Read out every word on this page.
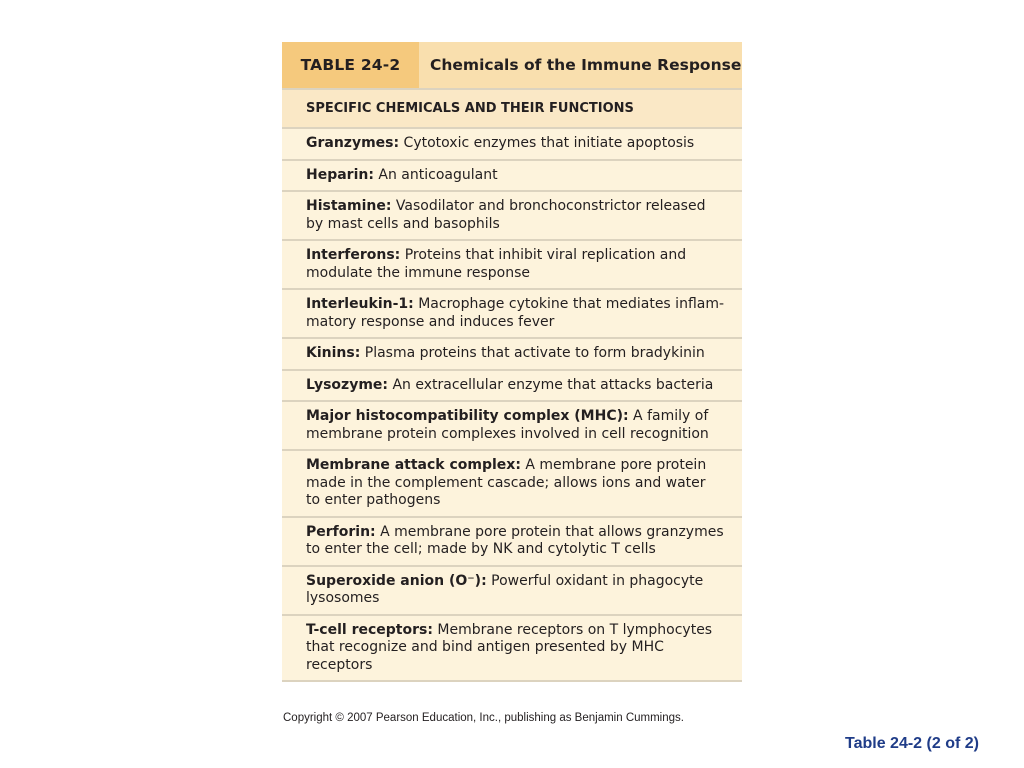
TABLE 24-2	Chemicals of the Immune Response
SPECIFIC CHEMICALS AND THEIR FUNCTIONS
Granzymes: Cytotoxic enzymes that initiate apoptosis
Heparin: An anticoagulant
Histamine: Vasodilator and bronchoconstrictor released
by mast cells and basophils
Interferons: Proteins that inhibit viral replication and
modulate the immune response
Interleukin-1: Macrophage cytokine that mediates inflam-
matory response and induces fever
Kinins: Plasma proteins that activate to form bradykinin
Lysozyme: An extracellular enzyme that attacks bacteria
Major histocompatibility complex (MHC): A family of
membrane protein complexes involved in cell recognition
Membrane attack complex: A membrane pore protein
made in the complement cascade; allows ions and water
to enter pathogens
Perforin: A membrane pore protein that allows granzymes
to enter the cell; made by NK and cytolytic T cells
Superoxide anion (O⁻): Powerful oxidant in phagocyte
lysosomes
T-cell receptors: Membrane receptors on T lymphocytes
that recognize and bind antigen presented by MHC
receptors
Copyright © 2007 Pearson Education, Inc., publishing as Benjamin Cummings.
Table 24-2 (2 of 2)
